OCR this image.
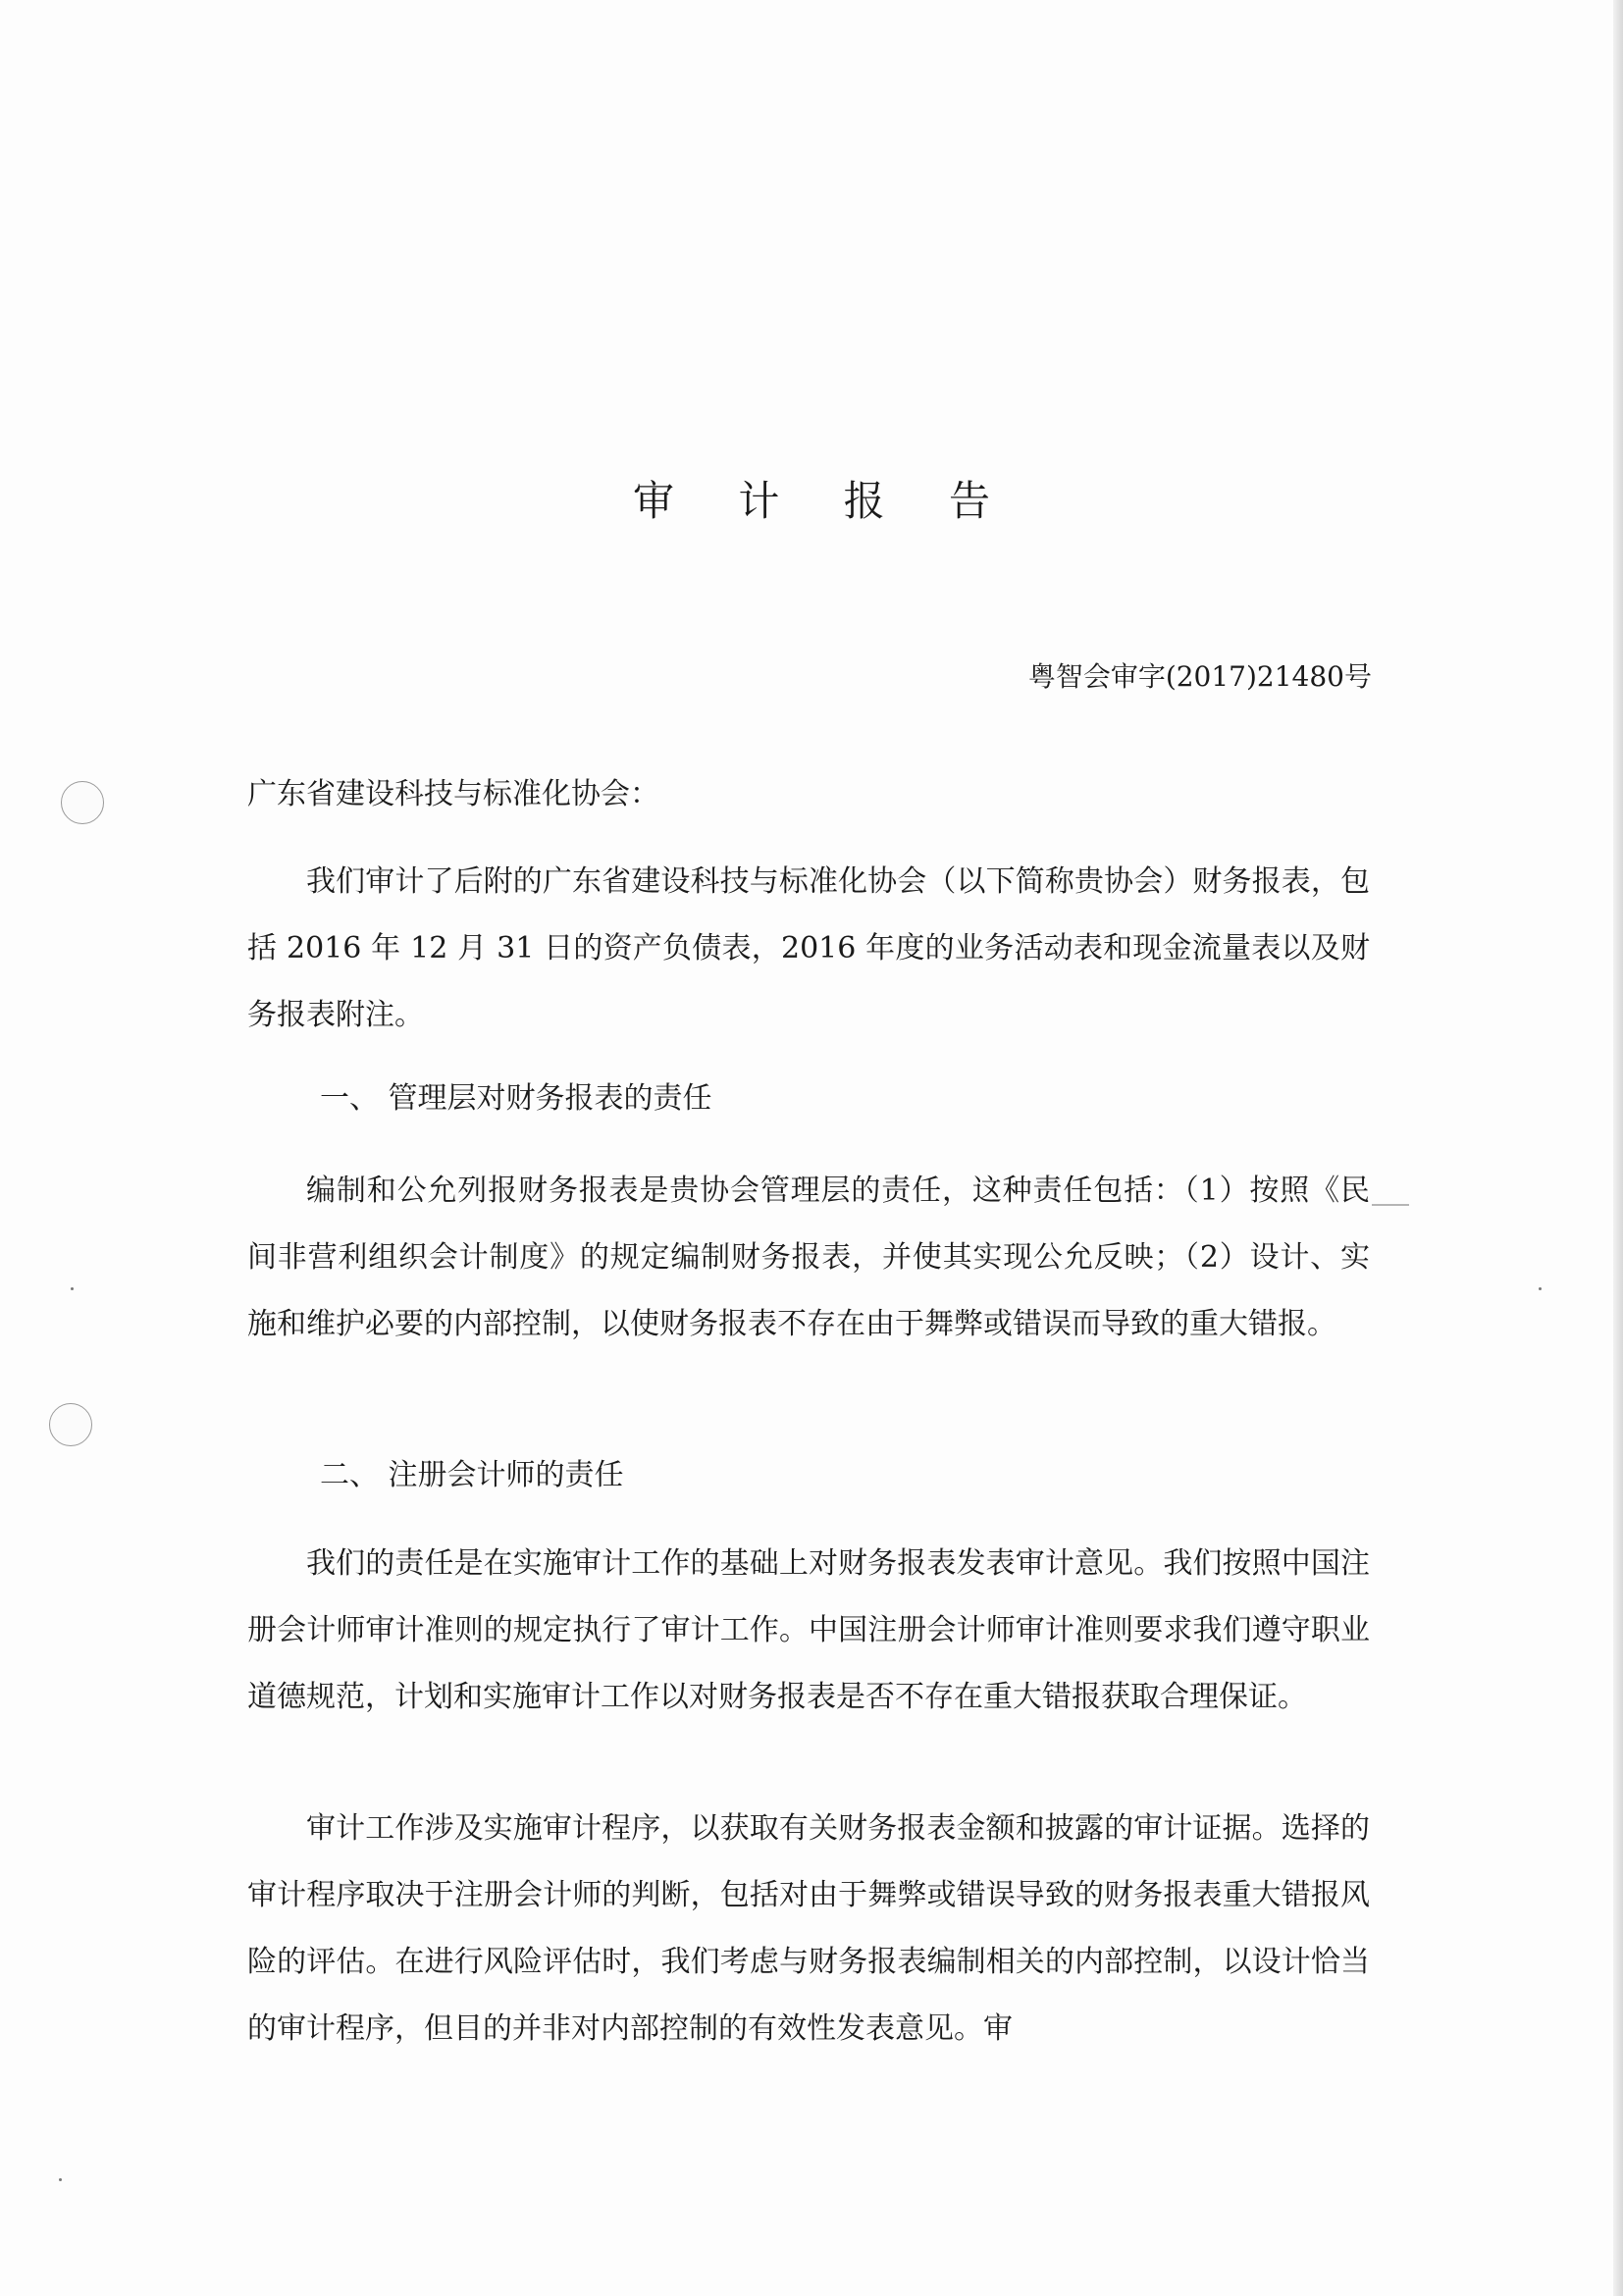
审 计 报 告
粤智会审字(2017)21480号

广东省建设科技与标准化协会：

我们审计了后附的广东省建设科技与标准化协会（以下简称贵协会）财务报表，包括 2016 年 12 月 31 日的资产负债表，2016 年度的业务活动表和现金流量表以及财务报表附注。

一、 管理层对财务报表的责任

编制和公允列报财务报表是贵协会管理层的责任，这种责任包括：（1）按照《民间非营利组织会计制度》的规定编制财务报表，并使其实现公允反映；（2）设计、实施和维护必要的内部控制，以使财务报表不存在由于舞弊或错误而导致的重大错报。

二、 注册会计师的责任

我们的责任是在实施审计工作的基础上对财务报表发表审计意见。我们按照中国注册会计师审计准则的规定执行了审计工作。中国注册会计师审计准则要求我们遵守职业道德规范，计划和实施审计工作以对财务报表是否不存在重大错报获取合理保证。

审计工作涉及实施审计程序，以获取有关财务报表金额和披露的审计证据。选择的审计程序取决于注册会计师的判断，包括对由于舞弊或错误导致的财务报表重大错报风险的评估。在进行风险评估时，我们考虑与财务报表编制相关的内部控制，以设计恰当的审计程序，但目的并非对内部控制的有效性发表意见。审
